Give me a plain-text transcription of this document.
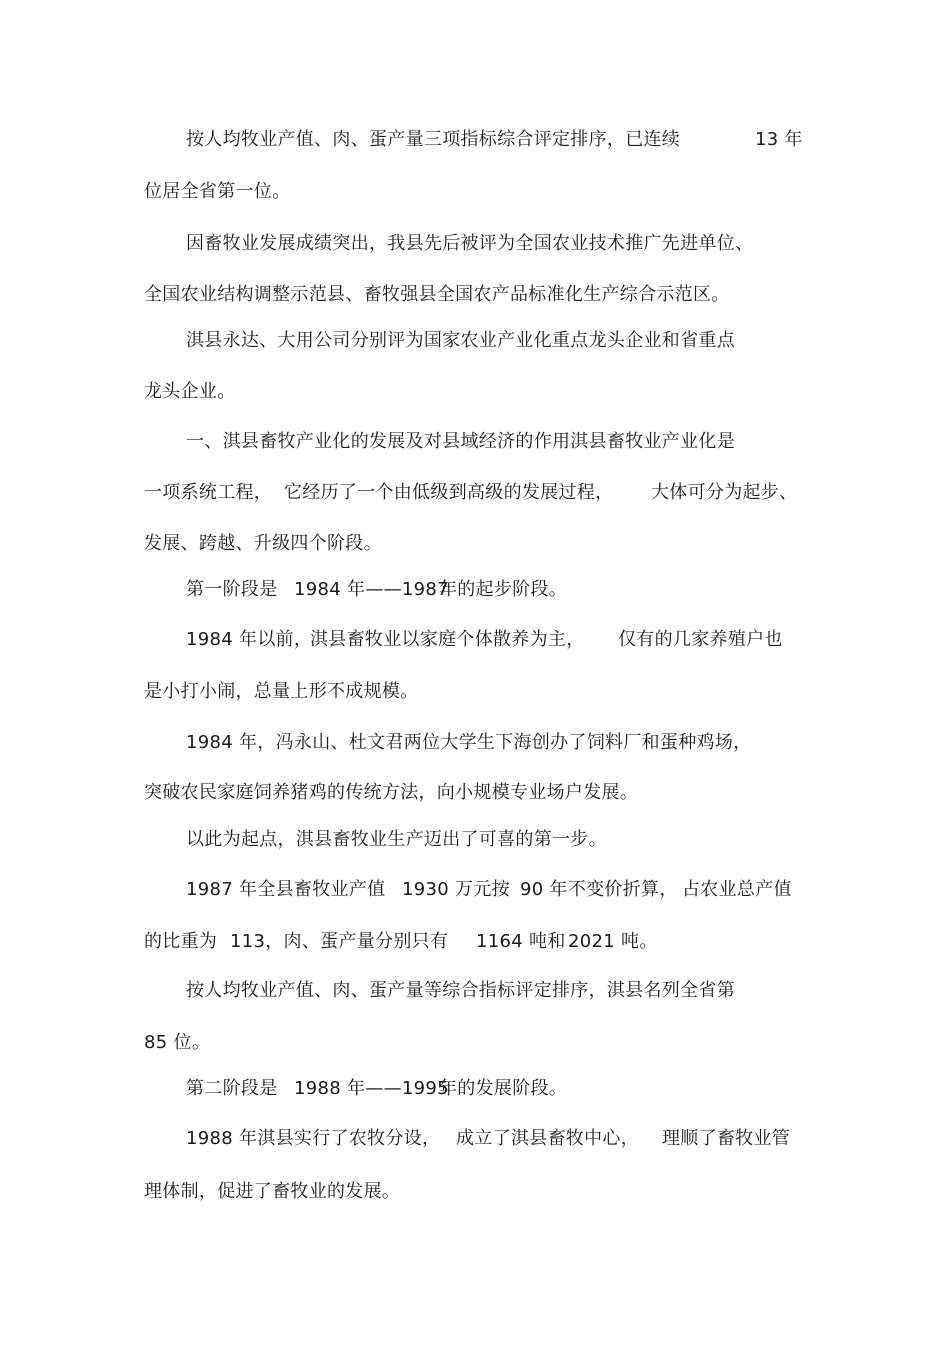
按人均牧业产值、肉、蛋产量三项指标综合评定排序，已连续	13 年
位居全省第一位。
因畜牧业发展成绩突出，我县先后被评为全国农业技术推广先进单位、
全国农业结构调整示范县、畜牧强县全国农产品标准化生产综合示范区。
淇县永达、大用公司分别评为国家农业产业化重点龙头企业和省重点
龙头企业。
一、淇县畜牧产业化的发展及对县域经济的作用淇县畜牧业产业化是
一项系统工程， 它经历了一个由低级到高级的发展过程， 大体可分为起步、
发展、跨越、升级四个阶段。
第一阶段是 1984 年——1987
年的起步阶段。
1984 年以前，
淇县畜牧业以家庭个体散养为主， 仅有的几家养殖户也
是小打小闹，总量上形不成规模。
1984 年，冯永山、杜文君两位大学生下海创办了饲料厂和蛋种鸡场，
突破农民家庭饲养猪鸡的传统方法，向小规模专业场户发展。
以此为起点，淇县畜牧业生产迈出了可喜的第一步。
1987 年全县畜牧业产值 1930 万元按 90 年不变价折算， 占农业总产值
的比重为 113，肉、蛋产量分别只有 1164 吨和 2021 吨。
按人均牧业产值、肉、蛋产量等综合指标评定排序，淇县名列全省第
85 位。
第二阶段是 1988 年——1995
年的发展阶段。
1988 年淇县实行了农牧分设， 成立了淇县畜牧中心， 理顺了畜牧业管
理体制，促进了畜牧业的发展。
